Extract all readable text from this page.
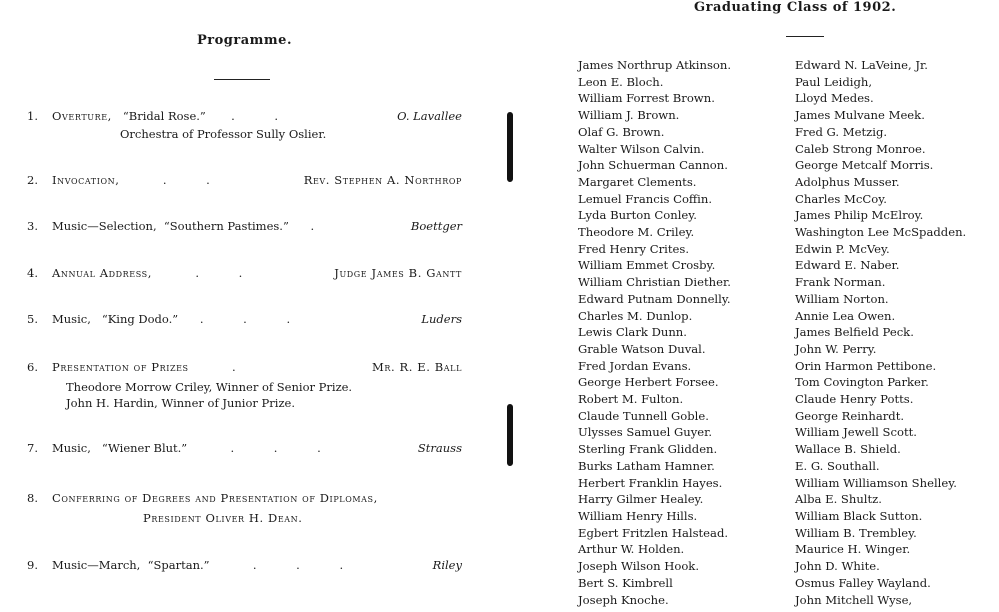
Programme.
1. Overture, “Bridal Rose.”  . .	O. Lavallee
Orchestra of Professor Sully Oslier.
2. Invocation,  . .	Rev. Stephen A. Northrop
3. Music—Selection, “Southern Pastimes.” .	Boettger
4. Annual Address,  . .	Judge James B. Gantt
5. Music, “King Dodo.” . . .	Luders
6. Presentation of Prizes  .	Mr. R. E. Ball
Theodore Morrow Criley, Winner of Senior Prize.
John H. Hardin, Winner of Junior Prize.
7. Music, “Wiener Blut.”  . . .	Strauss
8. Conferring of Degrees and Presentation of Diplomas,
President Oliver H. Dean.
9. Music—March, “Spartan.”  . . .	Riley
Graduating Class of 1902.
James Northrup Atkinson.
Leon E. Bloch.
William Forrest Brown.
William J. Brown.
Olaf G. Brown.
Walter Wilson Calvin.
John Schuerman Cannon.
Margaret Clements.
Lemuel Francis Coffin.
Lyda Burton Conley.
Theodore M. Criley.
Fred Henry Crites.
William Emmet Crosby.
William Christian Diether.
Edward Putnam Donnelly.
Charles M. Dunlop.
Lewis Clark Dunn.
Grable Watson Duval.
Fred Jordan Evans.
George Herbert Forsee.
Robert M. Fulton.
Claude Tunnell Goble.
Ulysses Samuel Guyer.
Sterling Frank Glidden.
Burks Latham Hamner.
Herbert Franklin Hayes.
Harry Gilmer Healey.
William Henry Hills.
Egbert Fritzlen Halstead.
Arthur W. Holden.
Joseph Wilson Hook.
Bert S. Kimbrell
Joseph Knoche.
Edward N. LaVeine, Jr.
Paul Leidigh,
Lloyd Medes.
James Mulvane Meek.
Fred G. Metzig.
Caleb Strong Monroe.
George Metcalf Morris.
Adolphus Musser.
Charles McCoy.
James Philip McElroy.
Washington Lee McSpadden.
Edwin P. McVey.
Edward E. Naber.
Frank Norman.
William Norton.
Annie Lea Owen.
James Belfield Peck.
John W. Perry.
Orin Harmon Pettibone.
Tom Covington Parker.
Claude Henry Potts.
George Reinhardt.
William Jewell Scott.
Wallace B. Shield.
E. G. Southall.
William Williamson Shelley.
Alba E. Shultz.
William Black Sutton.
William B. Trembley.
Maurice H. Winger.
John D. White.
Osmus Falley Wayland.
John Mitchell Wyse,
